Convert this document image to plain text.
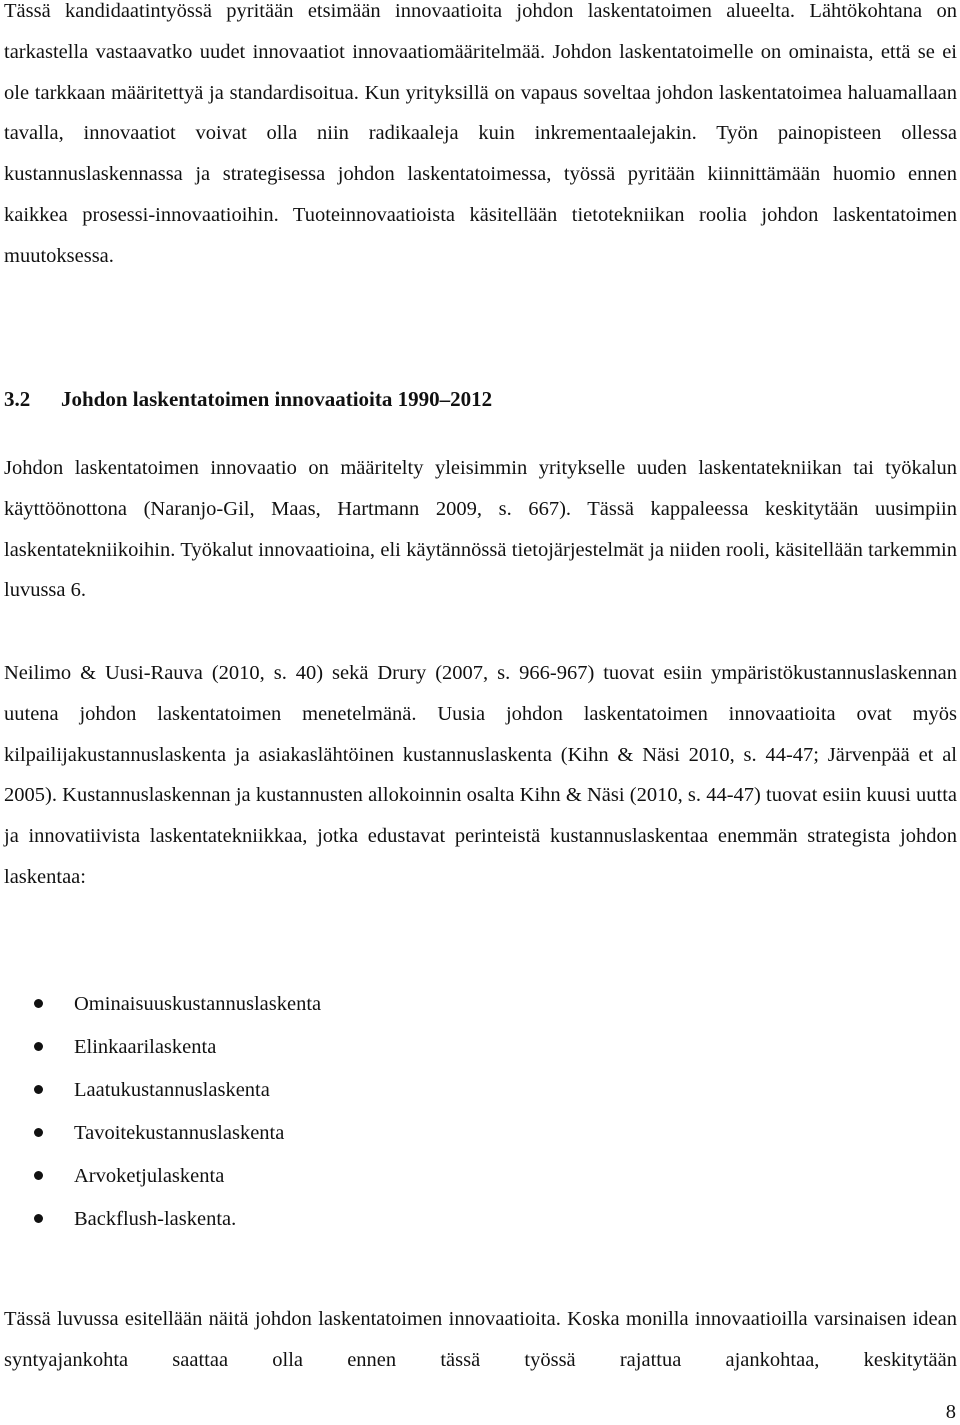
Tässä kandidaatintyössä pyritään etsimään innovaatioita johdon laskentatoimen alueelta. Lähtökohtana on tarkastella vastaavatko uudet innovaatiot innovaatiomääritelmää. Johdon laskentatoimelle on ominaista, että se ei ole tarkkaan määritettyä ja standardisoitua. Kun yrityksillä on vapaus soveltaa johdon laskentatoimea haluamallaan tavalla, innovaatiot voivat olla niin radikaaleja kuin inkrementaalejakin. Työn painopisteen ollessa kustannuslaskennassa ja strategisessa johdon laskentatoimessa, työssä pyritään kiinnittämään huomio ennen kaikkea prosessi-innovaatioihin. Tuoteinnovaatioista käsitellään tietotekniikan roolia johdon laskentatoimen muutoksessa.

3.2 Johdon laskentatoimen innovaatioita 1990–2012

Johdon laskentatoimen innovaatio on määritelty yleisimmin yritykselle uuden laskentatekniikan tai työkalun käyttöönottona (Naranjo-Gil, Maas, Hartmann 2009, s. 667). Tässä kappaleessa keskitytään uusimpiin laskentatekniikoihin. Työkalut innovaatioina, eli käytännössä tietojärjestelmät ja niiden rooli, käsitellään tarkemmin luvussa 6.

Neilimo & Uusi-Rauva (2010, s. 40) sekä Drury (2007, s. 966-967) tuovat esiin ympäristökustannuslaskennan uutena johdon laskentatoimen menetelmänä. Uusia johdon laskentatoimen innovaatioita ovat myös kilpailijakustannuslaskenta ja asiakaslähtöinen kustannuslaskenta (Kihn & Näsi 2010, s. 44-47; Järvenpää et al 2005). Kustannuslaskennan ja kustannusten allokoinnin osalta Kihn & Näsi (2010, s. 44-47) tuovat esiin kuusi uutta ja innovatiivista laskentatekniikkaa, jotka edustavat perinteistä kustannuslaskentaa enemmän strategista johdon laskentaa:

Ominaisuuskustannuslaskenta
Elinkaarilaskenta
Laatukustannuslaskenta
Tavoitekustannuslaskenta
Arvoketjulaskenta
Backflush-laskenta.

Tässä luvussa esitellään näitä johdon laskentatoimen innovaatioita. Koska monilla innovaatioilla varsinaisen idean syntyajankohta saattaa olla ennen tässä työssä rajattua ajankohtaa, keskitytään

8
